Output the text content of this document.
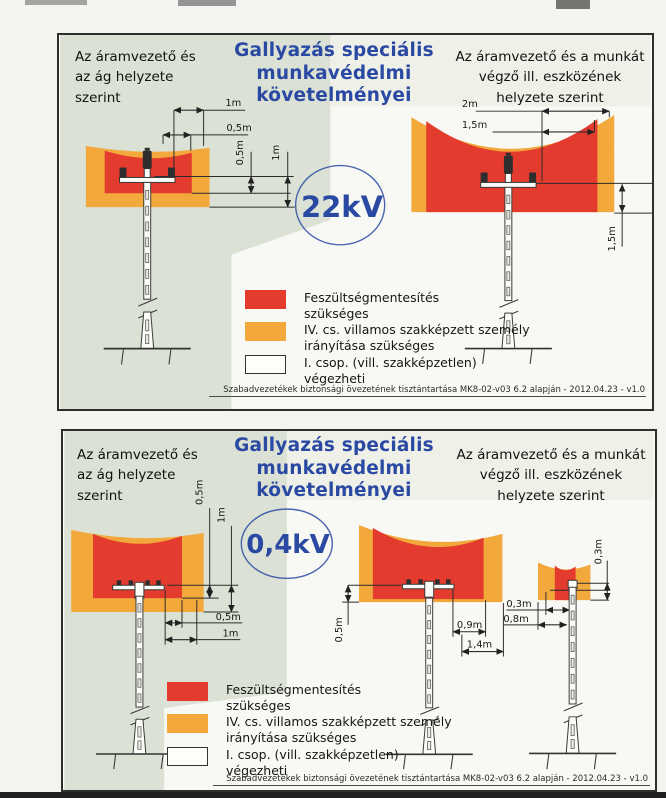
1m
0,5m
0,5m 1m
2m
1,5m
1,5m
Az áramvezető és
az ág helyzete
szerint
Gallyazás speciális
munkavédelmi
követelményei
Az áramvezető és a munkát
végző ill. eszközének
helyzete szerint
22kV
Feszültségmentesítés
szükséges
IV. cs. villamos szakképzett személy
irányítása szükséges
I. csop. (vill. szakképzetlen)
végezheti
Szabadvezetékek biztonsági övezetének tisztántartása MK8-02-v03 6.2 alapján - 2012.04.23 - v1.0
0,5m
1m
0,5m
1m	0,5m	0,9m
1,4m
0,3m
0,3m
0,8m
Az áramvezető és
az ág helyzete
szerint
Gallyazás speciális
munkavédelmi
követelményei
Az áramvezető és a munkát
végző ill. eszközének
helyzete szerint
0,4kV
Feszültségmentesítés
szükséges
IV. cs. villamos szakképzett személy
irányítása szükséges
I. csop. (vill. szakképzetlen)
végezheti
Szabadvezetékek biztonsági övezetének tisztántartása MK8-02-v03 6.2 alapján - 2012.04.23 - v1.0
